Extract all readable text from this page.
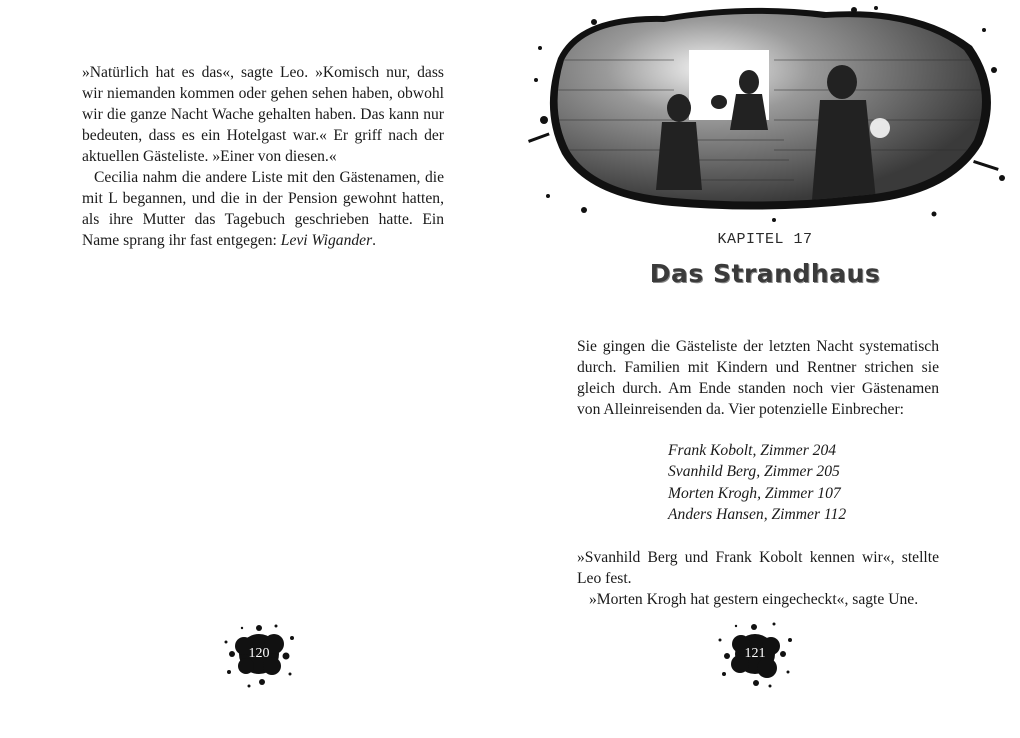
»Natürlich hat es das«, sagte Leo. »Komisch nur, dass wir niemanden kommen oder gehen sehen haben, obwohl wir die ganze Nacht Wache gehalten haben. Das kann nur bedeuten, dass es ein Hotelgast war.« Er griff nach der aktuellen Gästeliste. »Einer von diesen.«

Cecilia nahm die andere Liste mit den Gästenamen, die mit L begannen, und die in der Pension gewohnt hatten, als ihre Mutter das Tagebuch geschrieben hatte. Ein Name sprang ihr fast entgegen: Levi Wigander.

120
KAPITEL 17
Das Strandhaus

Sie gingen die Gästeliste der letzten Nacht systematisch durch. Familien mit Kindern und Rentner strichen sie gleich durch. Am Ende standen noch vier Gästenamen von Alleinreisenden da. Vier potenzielle Einbrecher:

Frank Kobolt, Zimmer 204
Svanhild Berg, Zimmer 205
Morten Krogh, Zimmer 107
Anders Hansen, Zimmer 112

»Svanhild Berg und Frank Kobolt kennen wir«, stellte Leo fest.

»Morten Krogh hat gestern eingecheckt«, sagte Une.

121
